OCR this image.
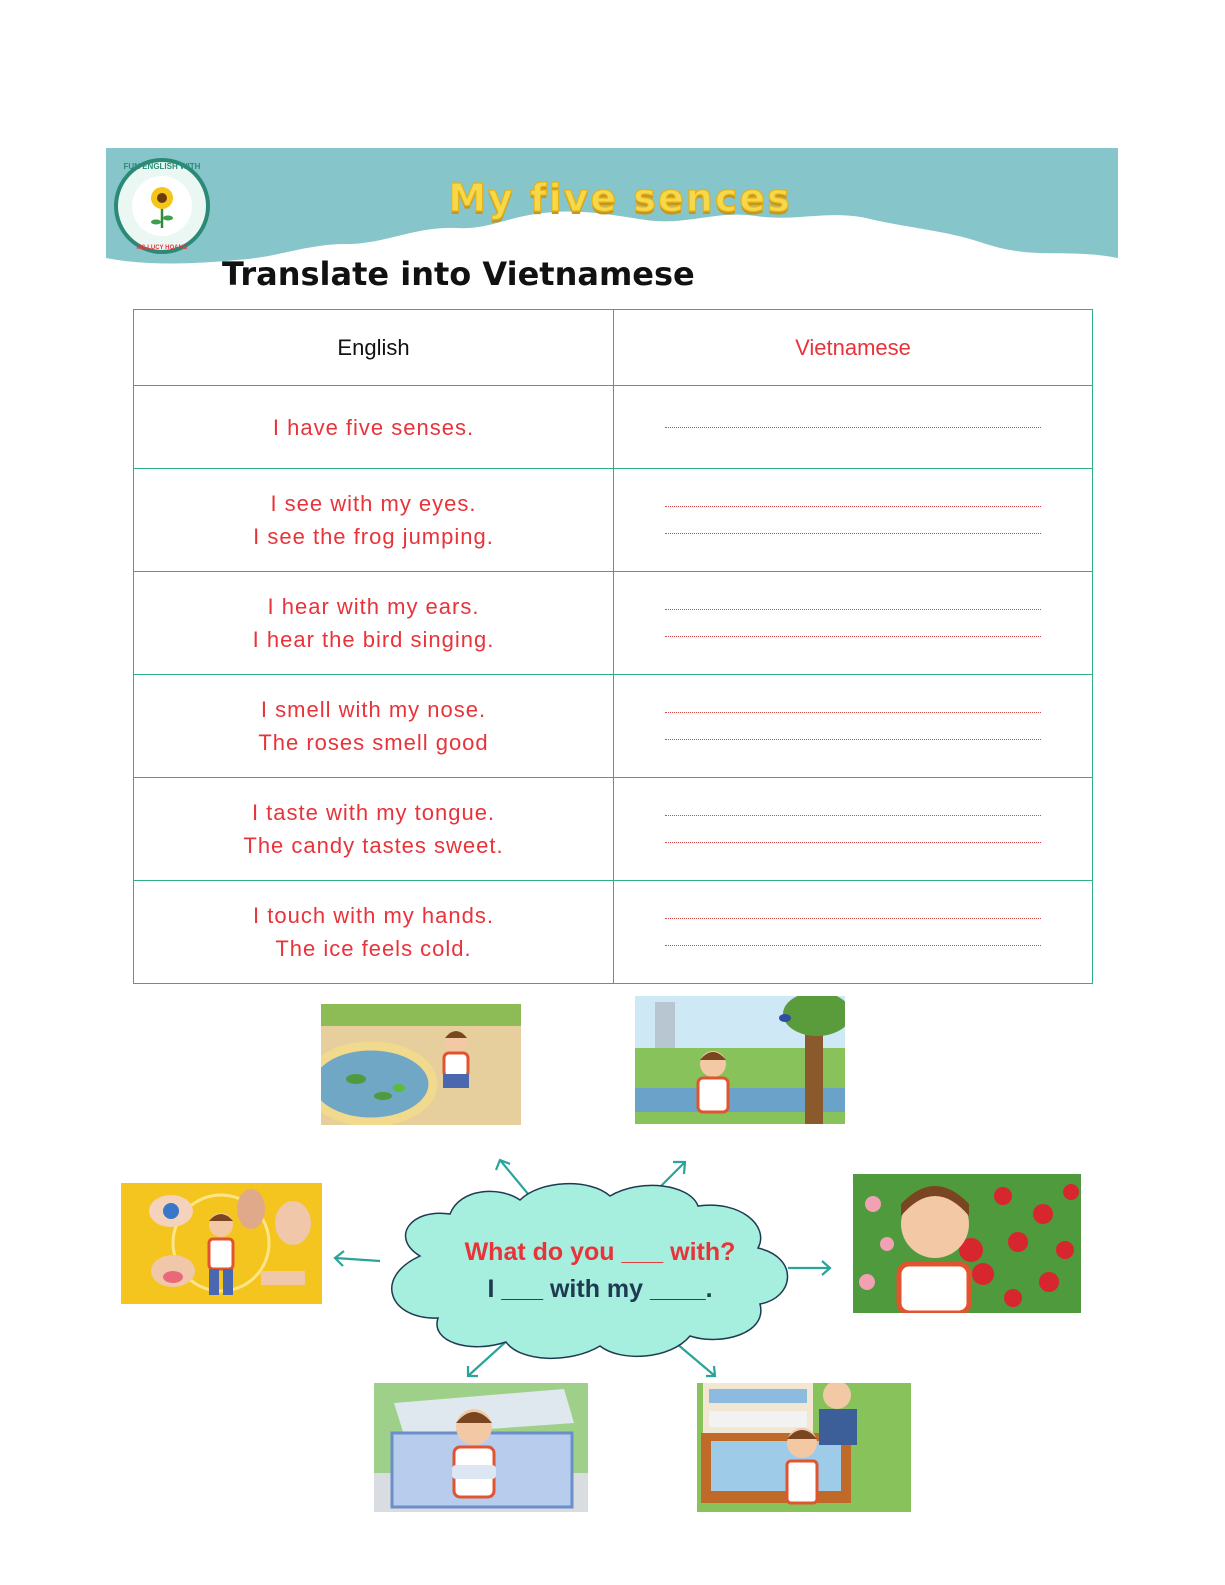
FUN ENGLISH WITH
MS.LUCY HOANG
My five sences
Translate into Vietnamese
English	Vietnamese

I have five senses.	

I see with my eyes.
I see the frog jumping.	

I hear with my ears.
I hear the bird singing.	

I smell with my nose.
The roses smell good	

I taste with my tongue.
The candy tastes sweet.	

I touch with my hands.
The ice feels cold.	

What do you ___ with?
I ___ with my ____.
